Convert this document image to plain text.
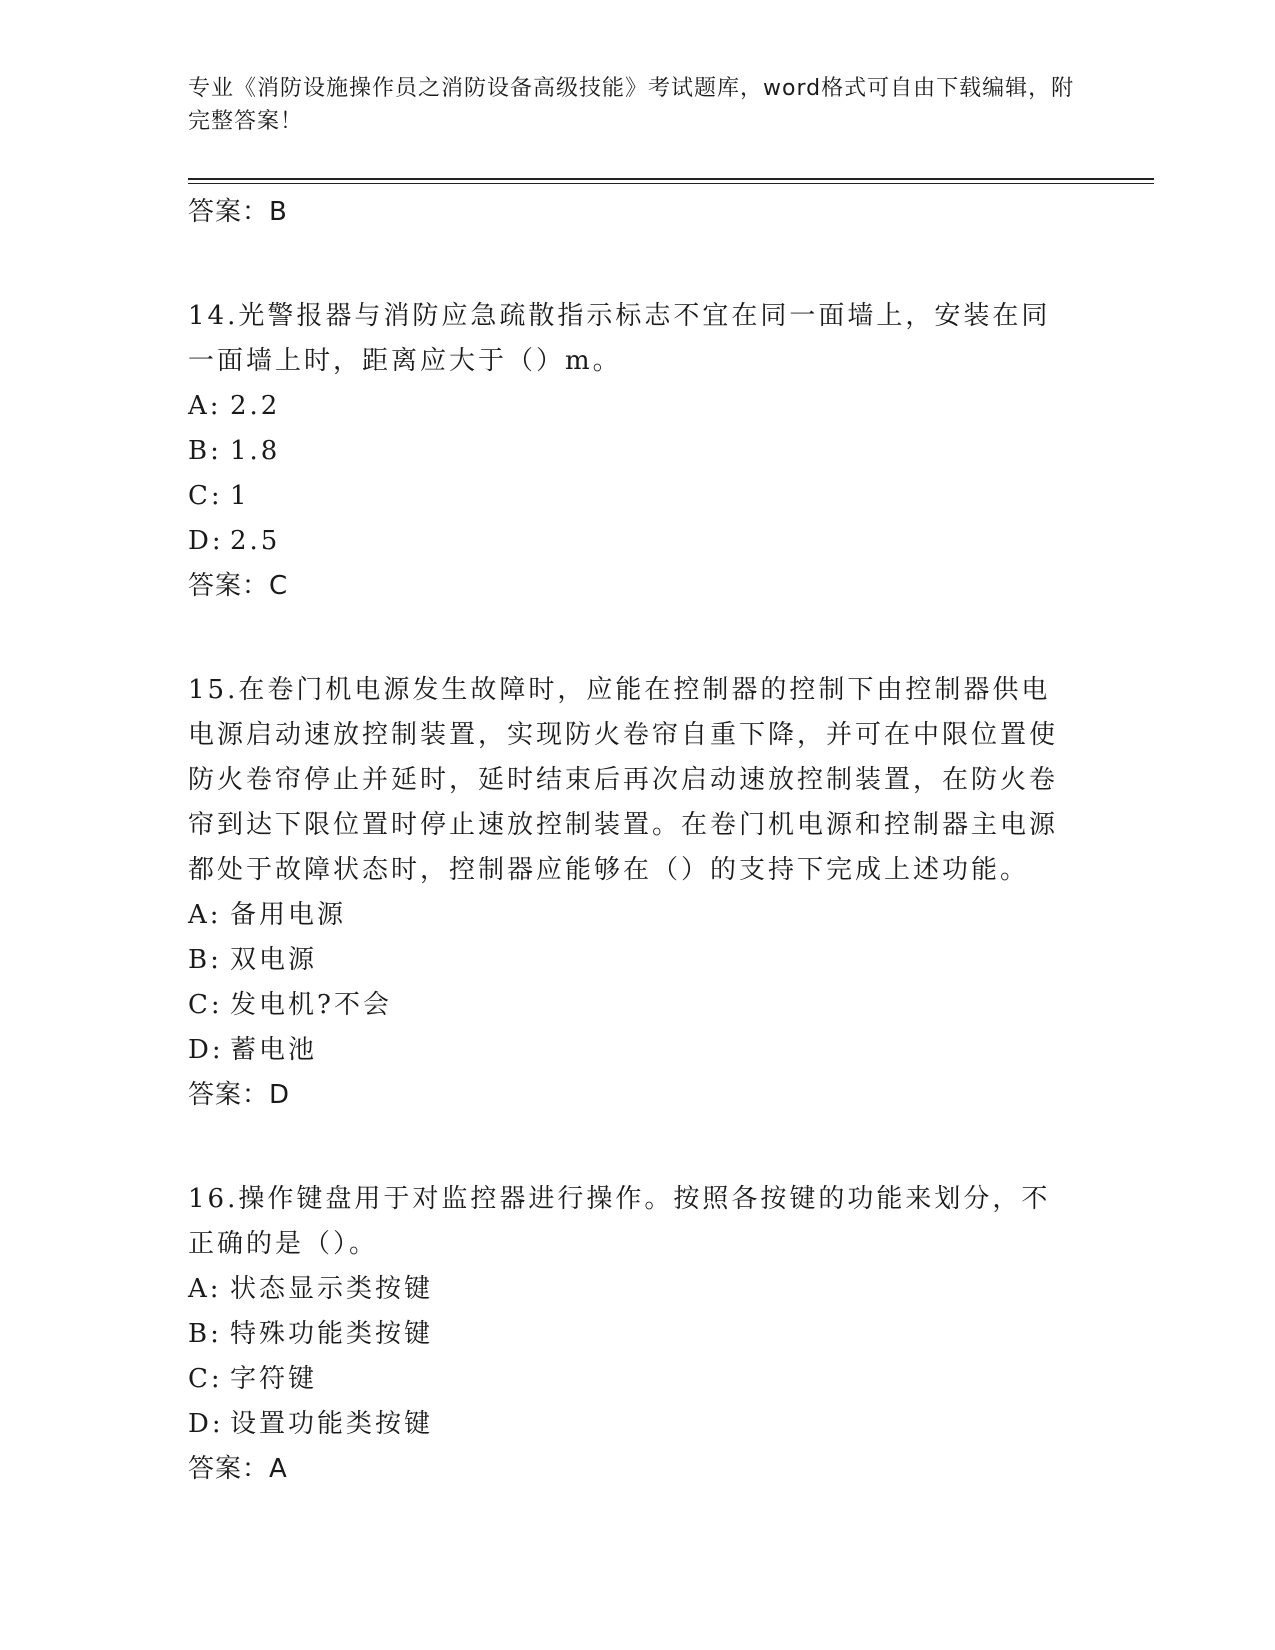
专业《消防设施操作员之消防设备高级技能》考试题库，word格式可自由下载编辑，附完整答案！
答案：B
14.光警报器与消防应急疏散指示标志不宜在同一面墙上，安装在同一面墙上时，距离应大于（）m。
A: 2.2
B: 1.8
C: 1
D: 2.5
答案：C
15.在卷门机电源发生故障时，应能在控制器的控制下由控制器供电电源启动速放控制装置，实现防火卷帘自重下降，并可在中限位置使防火卷帘停止并延时，延时结束后再次启动速放控制装置，在防火卷帘到达下限位置时停止速放控制装置。在卷门机电源和控制器主电源都处于故障状态时，控制器应能够在（）的支持下完成上述功能。
A: 备用电源
B: 双电源
C: 发电机?不会
D: 蓄电池
答案：D
16.操作键盘用于对监控器进行操作。按照各按键的功能来划分，不正确的是（）。
A: 状态显示类按键
B: 特殊功能类按键
C: 字符键
D: 设置功能类按键
答案：A
